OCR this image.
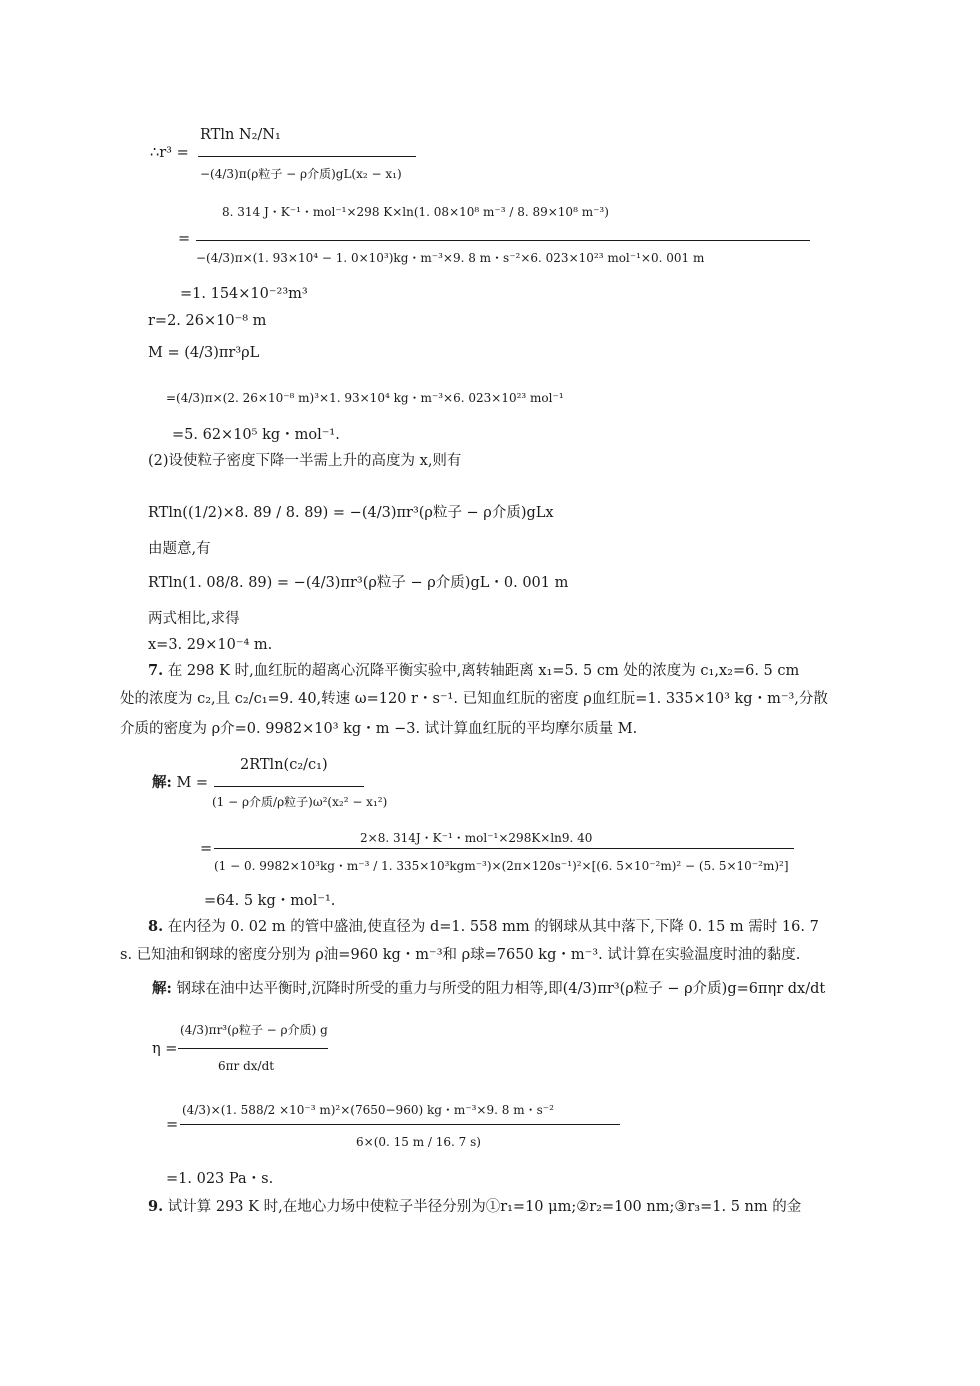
∴r³ =
RTln N₂/N₁
−(4/3)π(ρ粒子 − ρ介质)gL(x₂ − x₁)
8. 314 J・K⁻¹・mol⁻¹×298 K×ln(1. 08×10⁸ m⁻³ / 8. 89×10⁸ m⁻³)
=
−(4/3)π×(1. 93×10⁴ − 1. 0×10³)kg・m⁻³×9. 8 m・s⁻²×6. 023×10²³ mol⁻¹×0. 001 m
=1. 154×10⁻²³m³
r=2. 26×10⁻⁸ m
M = (4/3)πr³ρL
=(4/3)π×(2. 26×10⁻⁸ m)³×1. 93×10⁴ kg・m⁻³×6. 023×10²³ mol⁻¹
=5. 62×10⁵ kg・mol⁻¹.
(2)设使粒子密度下降一半需上升的高度为 x,则有
RTln((1/2)×8. 89 / 8. 89) = −(4/3)πr³(ρ粒子 − ρ介质)gLx
由题意,有
RTln(1. 08/8. 89) = −(4/3)πr³(ρ粒子 − ρ介质)gL・0. 001 m
两式相比,求得
x=3. 29×10⁻⁴ m.
7. 在 298 K 时,血红朊的超离心沉降平衡实验中,离转轴距离 x₁=5. 5 cm 处的浓度为 c₁,x₂=6. 5 cm
处的浓度为 c₂,且 c₂/c₁=9. 40,转速 ω=120 r・s⁻¹. 已知血红朊的密度 ρ血红朊=1. 335×10³ kg・m⁻³,分散
介质的密度为 ρ介=0. 9982×10³ kg・m −3. 试计算血红朊的平均摩尔质量 M.
解: M =
2RTln(c₂/c₁)
(1 − ρ介质/ρ粒子)ω²(x₂² − x₁²)
2×8. 314J・K⁻¹・mol⁻¹×298K×ln9. 40
=
(1 − 0. 9982×10³kg・m⁻³ / 1. 335×10³kgm⁻³)×(2π×120s⁻¹)²×[(6. 5×10⁻²m)² − (5. 5×10⁻²m)²]
=64. 5 kg・mol⁻¹.
8. 在内径为 0. 02 m 的管中盛油,使直径为 d=1. 558 mm 的钢球从其中落下,下降 0. 15 m 需时 16. 7
s. 已知油和钢球的密度分别为 ρ油=960 kg・m⁻³和 ρ球=7650 kg・m⁻³. 试计算在实验温度时油的黏度.
解: 钢球在油中达平衡时,沉降时所受的重力与所受的阻力相等,即(4/3)πr³(ρ粒子 − ρ介质)g=6πηr dx/dt
η =
(4/3)πr³(ρ粒子 − ρ介质) g
6πr dx/dt
(4/3)×(1. 588/2 ×10⁻³ m)²×(7650−960) kg・m⁻³×9. 8 m・s⁻²
=
6×(0. 15 m / 16. 7 s)
=1. 023 Pa・s.
9. 试计算 293 K 时,在地心力场中使粒子半径分别为①r₁=10 μm;②r₂=100 nm;③r₃=1. 5 nm 的金
